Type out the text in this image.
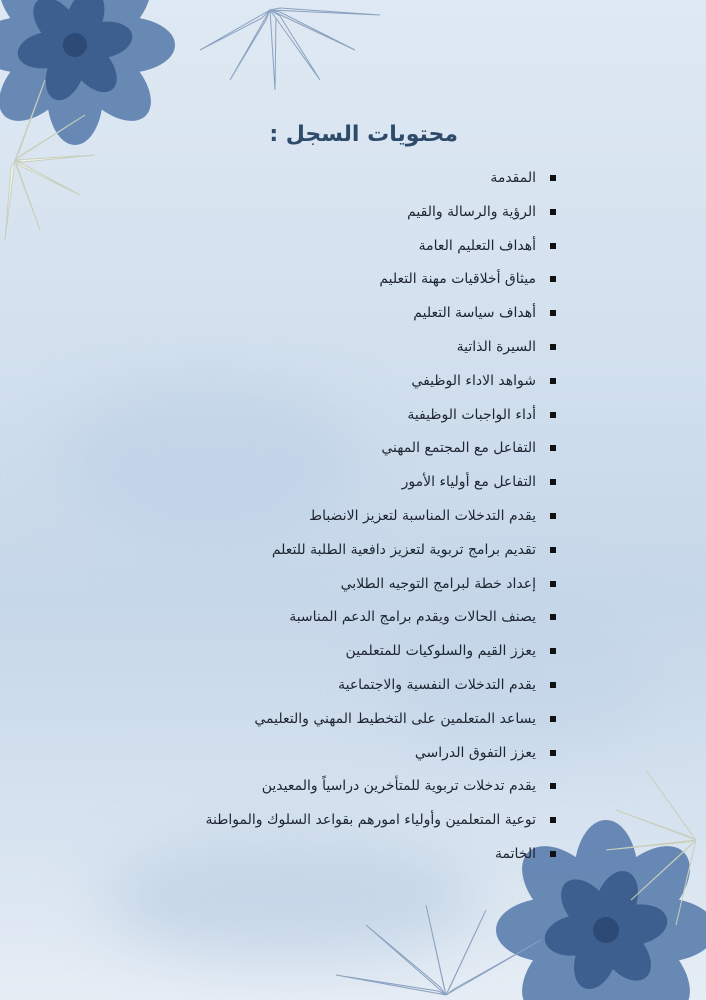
محتويات السجل :
المقدمة
الرؤية والرسالة والقيم
أهداف التعليم العامة
ميثاق أخلاقيات مهنة التعليم
أهداف سياسة التعليم
السيرة الذاتية
شواهد الاداء الوظيفي
أداء الواجبات الوظيفية
التفاعل مع المجتمع المهني
التفاعل مع أولياء الأمور
يقدم التدخلات المناسبة لتعزيز الانضباط
تقديم برامج تربوية لتعزيز دافعية الطلبة للتعلم
إعداد خطة لبرامج التوجيه الطلابي
يصنف الحالات ويقدم برامج الدعم المناسبة
يعزز القيم والسلوكيات للمتعلمين
يقدم التدخلات النفسية والاجتماعية
يساعد المتعلمين على التخطيط المهني والتعليمي
يعزز التفوق الدراسي
يقدم تدخلات تربوية للمتأخرين دراسياً والمعيدين
توعية المتعلمين وأولياء امورهم بقواعد السلوك والمواطنة
الخاتمة
